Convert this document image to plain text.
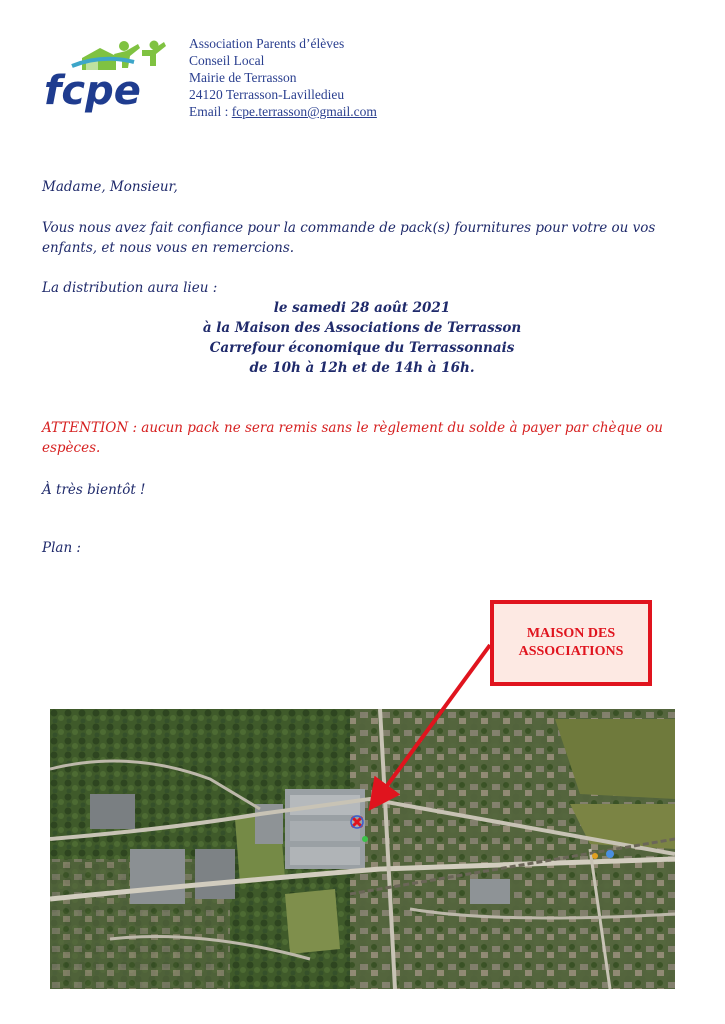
fcpe
Association Parents d’élèves
Conseil Local
Mairie de Terrasson
24120 Terrasson-Lavilledieu
Email : fcpe.terrasson@gmail.com
Madame, Monsieur,
Vous nous avez fait confiance pour la commande de pack(s) fournitures pour votre ou vos
enfants, et nous vous en remercions.
La distribution aura lieu :
le samedi 28 août 2021
à la Maison des Associations de Terrasson
Carrefour économique du Terrassonnais
de 10h à 12h et de 14h à 16h.
ATTENTION : aucun pack ne sera remis sans le règlement du solde à payer par chèque ou
espèces.
À très bientôt !
Plan :
MAISON DES
ASSOCIATIONS
